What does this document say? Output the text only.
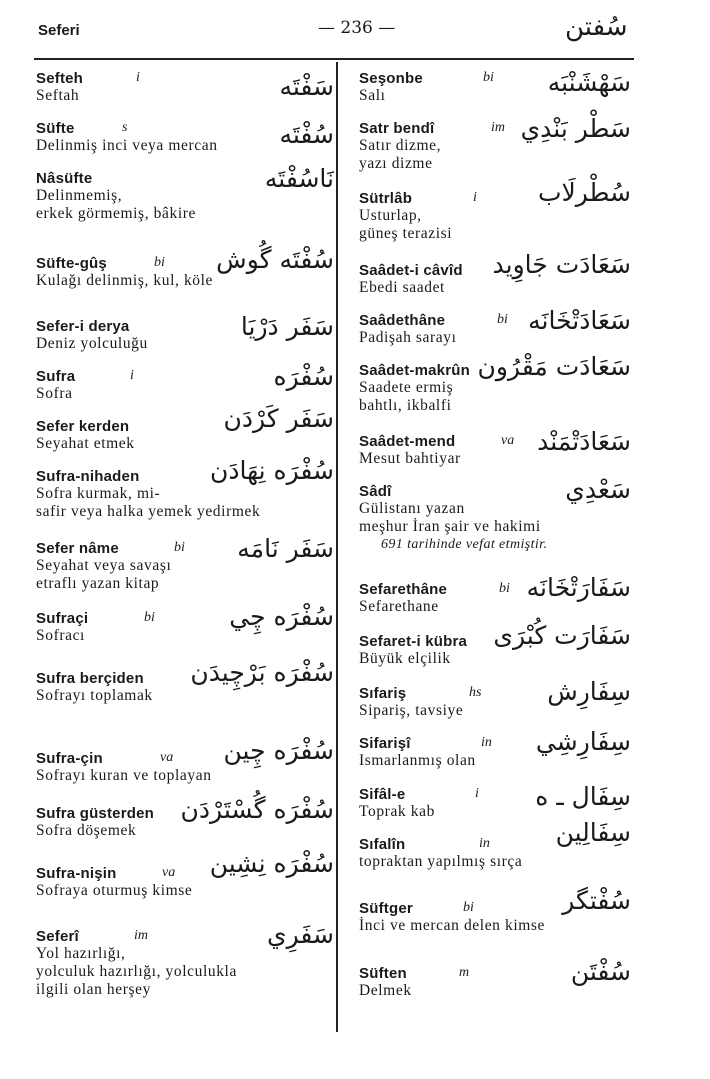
Seferi	— 236 —	سُفتن
Sefteh	i	سَفْتَه
Seftah
Süfte	s	سُفْتَه
Delinmiş inci veya mercan
Nâsüfte	نَاسُفْتَه
Delinmemiş,
erkek görmemiş, bâkire
Süfte-gûş	bi سُفْتَه گُوش
Kulağı delinmiş, kul, köle
Sefer-i derya	سَفَر دَرْيَا
Deniz yolculuğu
Sufra	i	سُفْرَه
Sofra
Sefer kerden	سَفَر كَرْدَن
Seyahat etmek
Sufra-nihaden	سُفْرَه نِهَادَن
Sofra kurmak, mi-
safir veya halka yemek yedirmek
Sefer nâme	bi سَفَر نَامَه
Seyahat veya savaşı
etraflı yazan kitap
Sufraçi	bi	سُفْرَه چِي
Sofracı
Sufra berçiden	سُفْرَه بَرْچِيدَن
Sofrayı toplamak
Sufra-çin	va سُفْرَه چِين
Sofrayı kuran ve toplayan
Sufra güsterden	سُفْرَه گُسْتَرْدَن
Sofra döşemek
Sufra-nişin	va سُفْرَه نِشِين
Sofraya oturmuş kimse
Seferî	im	سَفَرِي
Yol hazırlığı,
yolculuk hazırlığı, yolculukla
ilgili olan herşey
Seşonbe	bi سَهْشَنْبَه
Salı
Satr bendî	im سَطْر بَنْدِي
Satır dizme,
yazı dizme
Sütrlâb	i سُطْرلَاب
Usturlap,
güneş terazisi
Saâdet-i câvîd	سَعَادَت جَاوِيد
Ebedi saadet
Saâdethâne	bi سَعَادَتْخَانَه
Padişah sarayı
Saâdet-makrûn سَعَادَت مَقْرُون
Saadete ermiş
bahtlı, ikbalfi
Saâdet-mend	va سَعَادَتْمَنْد
Mesut bahtiyar
Sâdî	سَعْدِي
Gülistanı yazan
meşhur İran şair ve hakimi
691 tarihinde vefat etmiştir.
Sefarethâne	bi سَفَارَتْخَانَه
Sefarethane
Sefaret-i kübra	سَفَارَت كُبْرَى
Büyük elçilik
Sıfariş	hs	سِفَارِش
Sipariş, tavsiye
Sifarişî	in سِفَارِشِي
Ismarlanmış olan
Sifâl-e	i سِفَال ـ ه
Toprak kab
Sıfalîn	in	سِفَالِين
topraktan yapılmış sırça
Süftger	bi	سُفْتگر
İnci ve mercan delen kimse
Süften	m	سُفْتَن
Delmek
